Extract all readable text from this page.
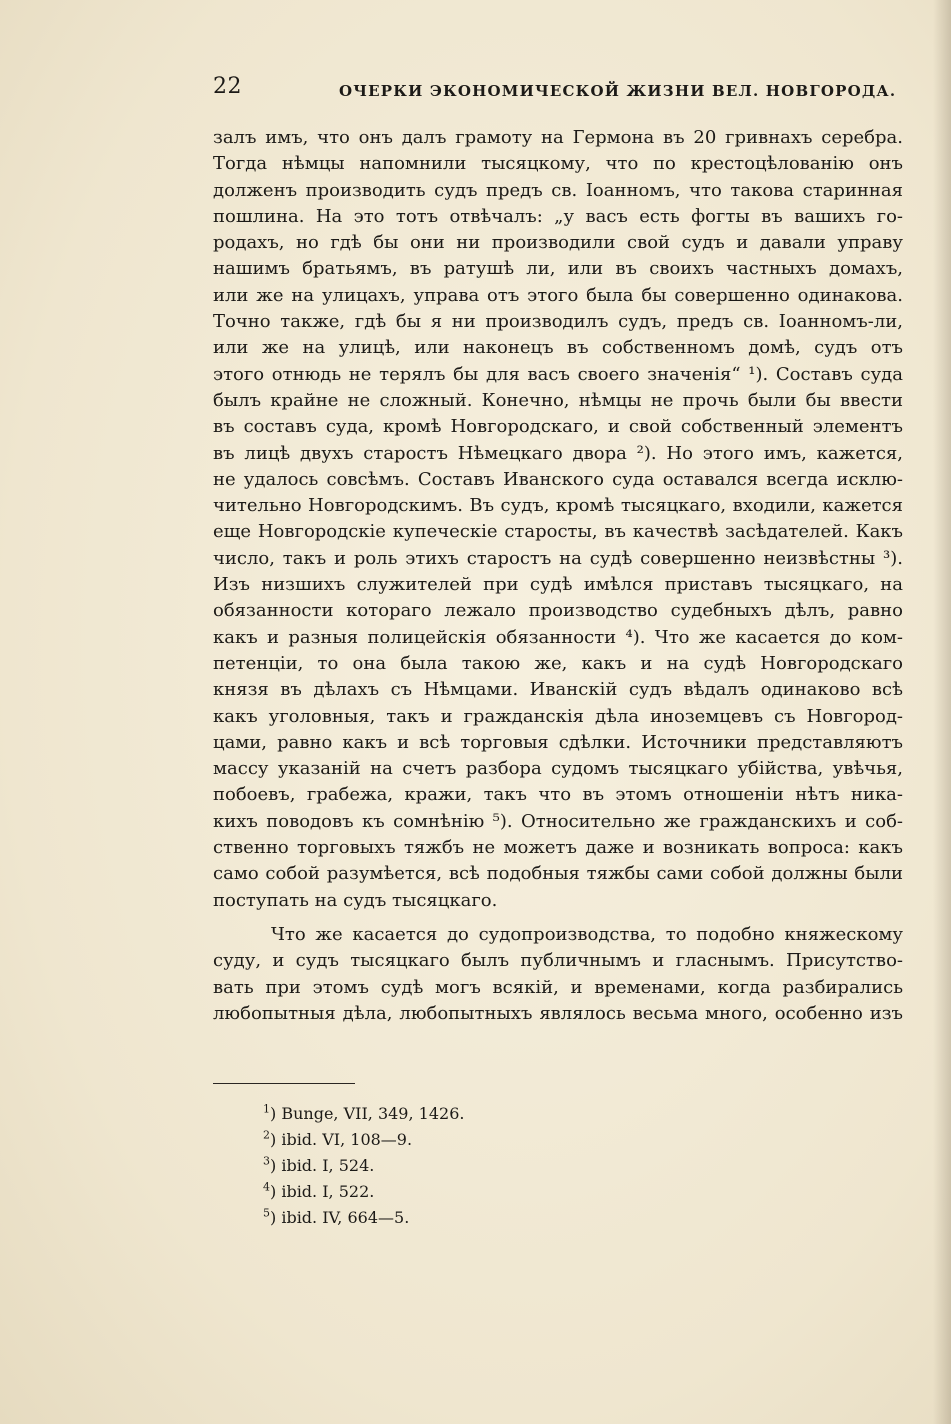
22	ОЧЕРКИ ЭКОНОМИЧЕСКОЙ ЖИЗНИ ВЕЛ. НОВГОРОДА.
залъ имъ, что онъ далъ грамоту на Гермона въ 20 гривнахъ серебра.
Тогда нѣмцы напомнили тысяцкому, что по крестоцѣлованію онъ
долженъ производить судъ предъ св. Іоанномъ, что такова старинная
пошлина. На это тотъ отвѣчалъ: „у васъ есть фогты въ вашихъ го-
родахъ, но гдѣ бы они ни производили свой судъ и давали управу
нашимъ братьямъ, въ ратушѣ ли, или въ своихъ частныхъ домахъ,
или же на улицахъ, управа отъ этого была бы совершенно одинакова.
Точно также, гдѣ бы я ни производилъ судъ, предъ св. Іоанномъ-ли,
или же на улицѣ, или наконецъ въ собственномъ домѣ, судъ отъ
этого отнюдь не терялъ бы для васъ своего значенія“ ¹). Составъ суда
былъ крайне не сложный. Конечно, нѣмцы не прочь были бы ввести
въ составъ суда, кромѣ Новгородскаго, и свой собственный элементъ
въ лицѣ двухъ старостъ Нѣмецкаго двора ²). Но этого имъ, кажется,
не удалось совсѣмъ. Составъ Иванского суда оставался всегда исклю-
чительно Новгородскимъ. Въ судъ, кромѣ тысяцкаго, входили, кажется
еще Новгородскіе купеческіе старосты, въ качествѣ засѣдателей. Какъ
число, такъ и роль этихъ старостъ на судѣ совершенно неизвѣстны ³).
Изъ низшихъ служителей при судѣ имѣлся приставъ тысяцкаго, на
обязанности котораго лежало производство судебныхъ дѣлъ, равно
какъ и разныя полицейскія обязанности ⁴). Что же касается до ком-
петенціи, то она была такою же, какъ и на судѣ Новгородскаго
князя въ дѣлахъ съ Нѣмцами. Иванскій судъ вѣдалъ одинаково всѣ
какъ уголовныя, такъ и гражданскія дѣла иноземцевъ съ Новгород-
цами, равно какъ и всѣ торговыя сдѣлки. Источники представляютъ
массу указаній на счетъ разбора судомъ тысяцкаго убійства, увѣчья,
побоевъ, грабежа, кражи, такъ что въ этомъ отношеніи нѣтъ ника-
кихъ поводовъ къ сомнѣнію ⁵). Относительно же гражданскихъ и соб-
ственно торговыхъ тяжбъ не можетъ даже и возникать вопроса: какъ
само собой разумѣется, всѣ подобныя тяжбы сами собой должны были
поступать на судъ тысяцкаго.
Что же касается до судопроизводства, то подобно княжескому
суду, и судъ тысяцкаго былъ публичнымъ и гласнымъ. Присутство-
вать при этомъ судѣ могъ всякій, и временами, когда разбирались
любопытныя дѣла, любопытныхъ являлось весьма много, особенно изъ
$^1$) Bunge, VII, 349, 1426.
$^2$) ibid. VI, 108—9.
$^3$) ibid. I, 524.
$^4$) ibid. I, 522.
$^5$) ibid. IV, 664—5.
